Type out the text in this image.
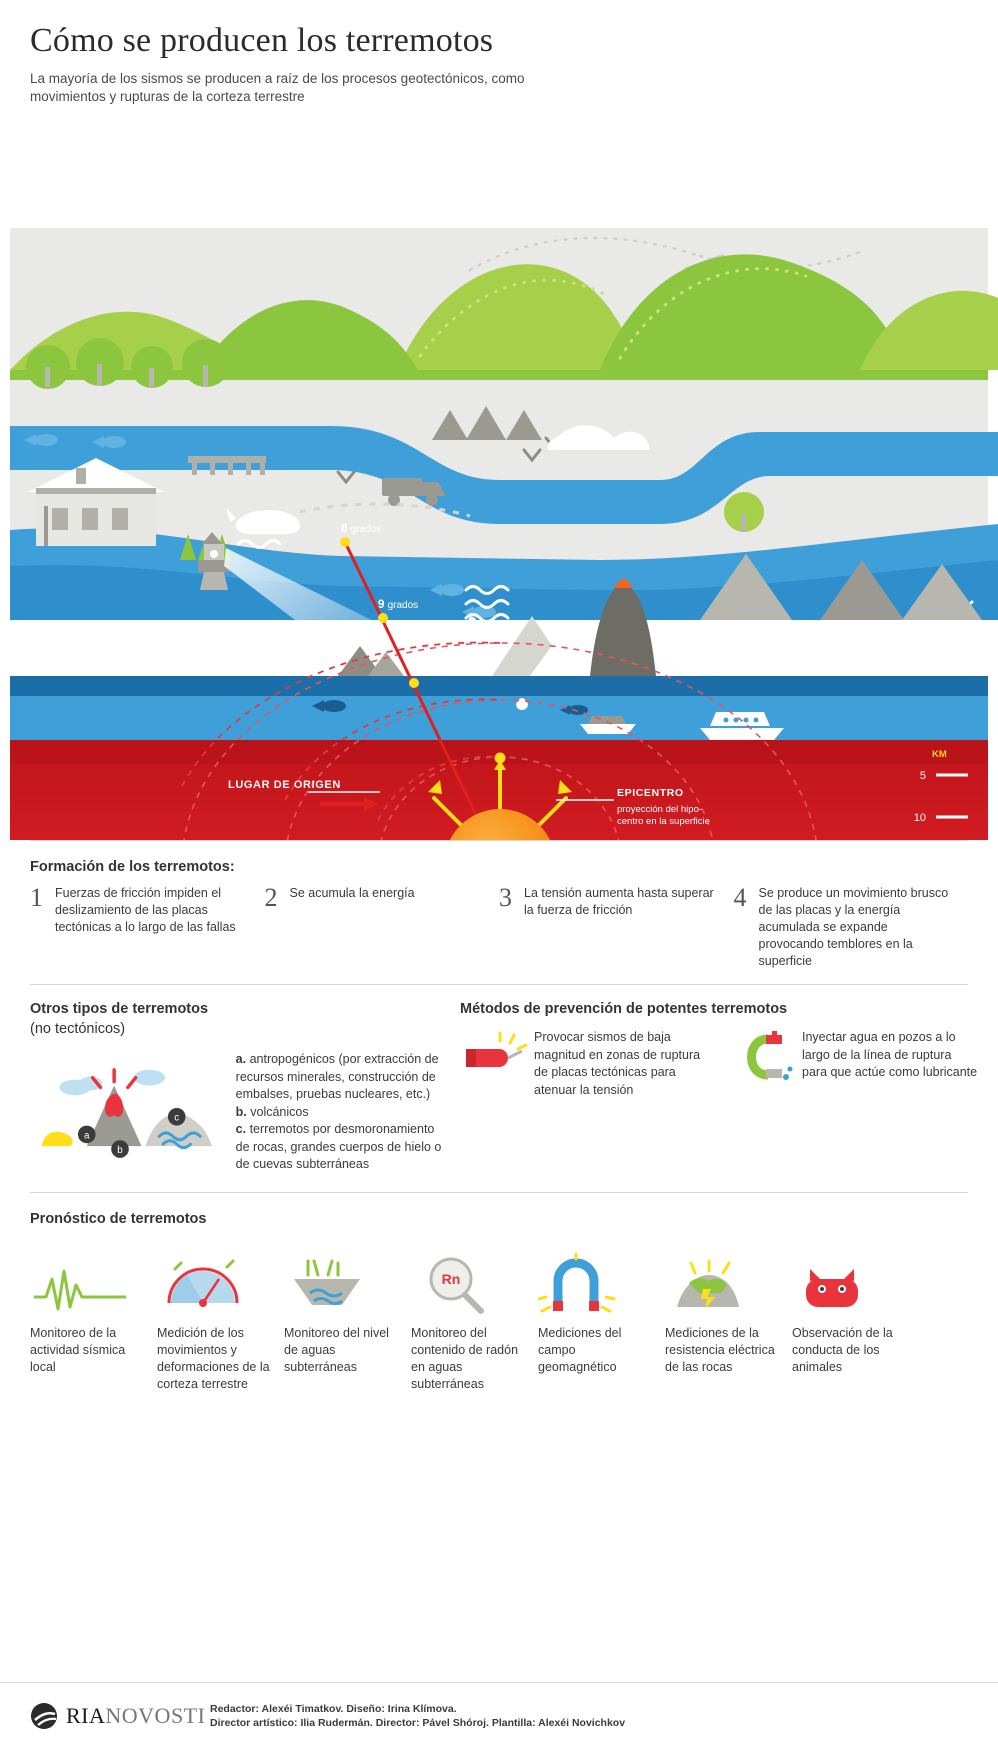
Cómo se producen los terremotos

La mayoría de los sismos se producen a raíz de los procesos geotectónicos, como movimientos y rupturas de la corteza terrestre

8 grados
9 grados
10 grados
LUGAR DE ORIGEN
EPICENTRO
proyección del hipo-
centro en la superficie
KM
5
10
Formación de los terremotos:
1 Fuerzas de fricción impiden el deslizamiento de las placas tectónicas a lo largo de las fallas
2 Se acumula la energía	3 La tensión aumenta hasta superar la fuerza de fricción	4 Se produce un movimiento brusco de las placas y la energía acumulada se expande provocando temblores en la superficie
Otros tipos de terremotos
(no tectónicos)
a
b
c
a. antropogénicos (por extracción de recursos minerales, construcción de embalses, pruebas nucleares, etc.)
b. volcánicos
c. terremotos por desmoronamiento de rocas, grandes cuerpos de hielo o de cuevas subterráneas
Métodos de prevención de potentes terremotos
Provocar sismos de baja magnitud en zonas de ruptura de placas tectónicas para atenuar la tensión
Inyectar agua en pozos a lo largo de la línea de ruptura para que actúe como lubricante
Pronóstico de terremotos
Monitoreo de la actividad sísmica local
Medición de los movimientos y deformaciones de la corteza terrestre
Monitoreo del nivel de aguas subterráneas
Rn
Monitoreo del contenido de radón en aguas subterráneas
Mediciones del campo geomagnético
Mediciones de la resistencia eléctrica de las rocas
Observación de la conducta de los animales
RIANOVOSTI Redactor: Alexéi Timatkov. Diseño: Irina Klímova.
Director artístico: Ilia Rudermán. Director: Pável Shóroj. Plantilla: Alexéi Novichkov
